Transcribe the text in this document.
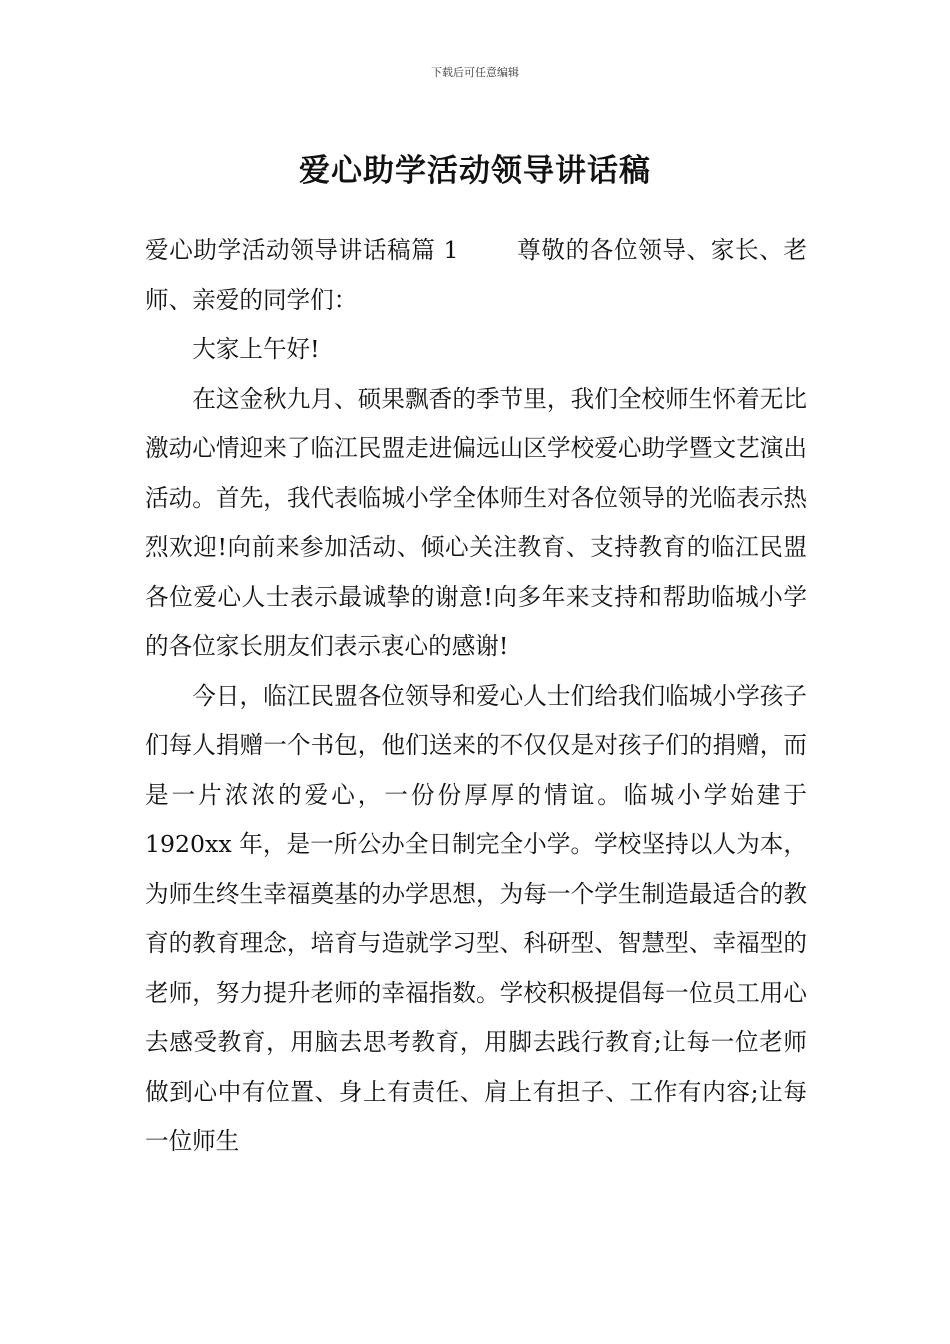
下载后可任意编辑
爱心助学活动领导讲话稿

爱心助学活动领导讲话稿篇 1 尊敬的各位领导、家长、老师、亲爱的同学们：

大家上午好!

在这金秋九月、硕果飘香的季节里，我们全校师生怀着无比激动心情迎来了临江民盟走进偏远山区学校爱心助学暨文艺演出活动。首先，我代表临城小学全体师生对各位领导的光临表示热烈欢迎!向前来参加活动、倾心关注教育、支持教育的临江民盟各位爱心人士表示最诚挚的谢意!向多年来支持和帮助临城小学的各位家长朋友们表示衷心的感谢!

今日，临江民盟各位领导和爱心人士们给我们临城小学孩子们每人捐赠一个书包，他们送来的不仅仅是对孩子们的捐赠，而是一片浓浓的爱心，一份份厚厚的情谊。临城小学始建于 1920xx 年，是一所公办全日制完全小学。学校坚持以人为本，为师生终生幸福奠基的办学思想，为每一个学生制造最适合的教育的教育理念，培育与造就学习型、科研型、智慧型、幸福型的老师，努力提升老师的幸福指数。学校积极提倡每一位员工用心去感受教育，用脑去思考教育，用脚去践行教育;让每一位老师做到心中有位置、身上有责任、肩上有担子、工作有内容;让每一位师生
